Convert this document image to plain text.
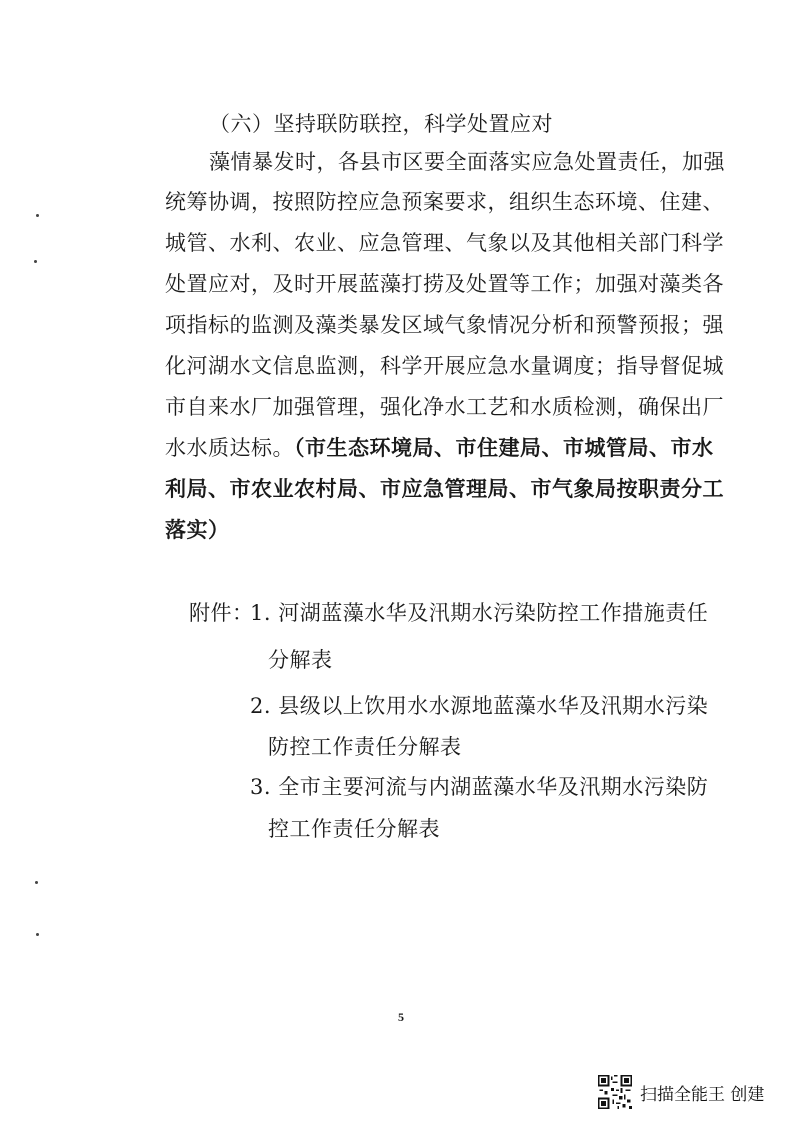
（六）坚持联防联控，科学处置应对
藻情暴发时，各县市区要全面落实应急处置责任，加强
统筹协调，按照防控应急预案要求，组织生态环境、住建、
城管、水利、农业、应急管理、气象以及其他相关部门科学
处置应对，及时开展蓝藻打捞及处置等工作；加强对藻类各
项指标的监测及藻类暴发区域气象情况分析和预警预报；强
化河湖水文信息监测，科学开展应急水量调度；指导督促城
市自来水厂加强管理，强化净水工艺和水质检测，确保出厂
水水质达标。（市生态环境局、市住建局、市城管局、市水
利局、市农业农村局、市应急管理局、市气象局按职责分工
落实）
附件：
1. 河湖蓝藻水华及汛期水污染防控工作措施责任
分解表
2. 县级以上饮用水水源地蓝藻水华及汛期水污染
防控工作责任分解表
3. 全市主要河流与内湖蓝藻水华及汛期水污染防
控工作责任分解表
5
扫描全能王 创建
